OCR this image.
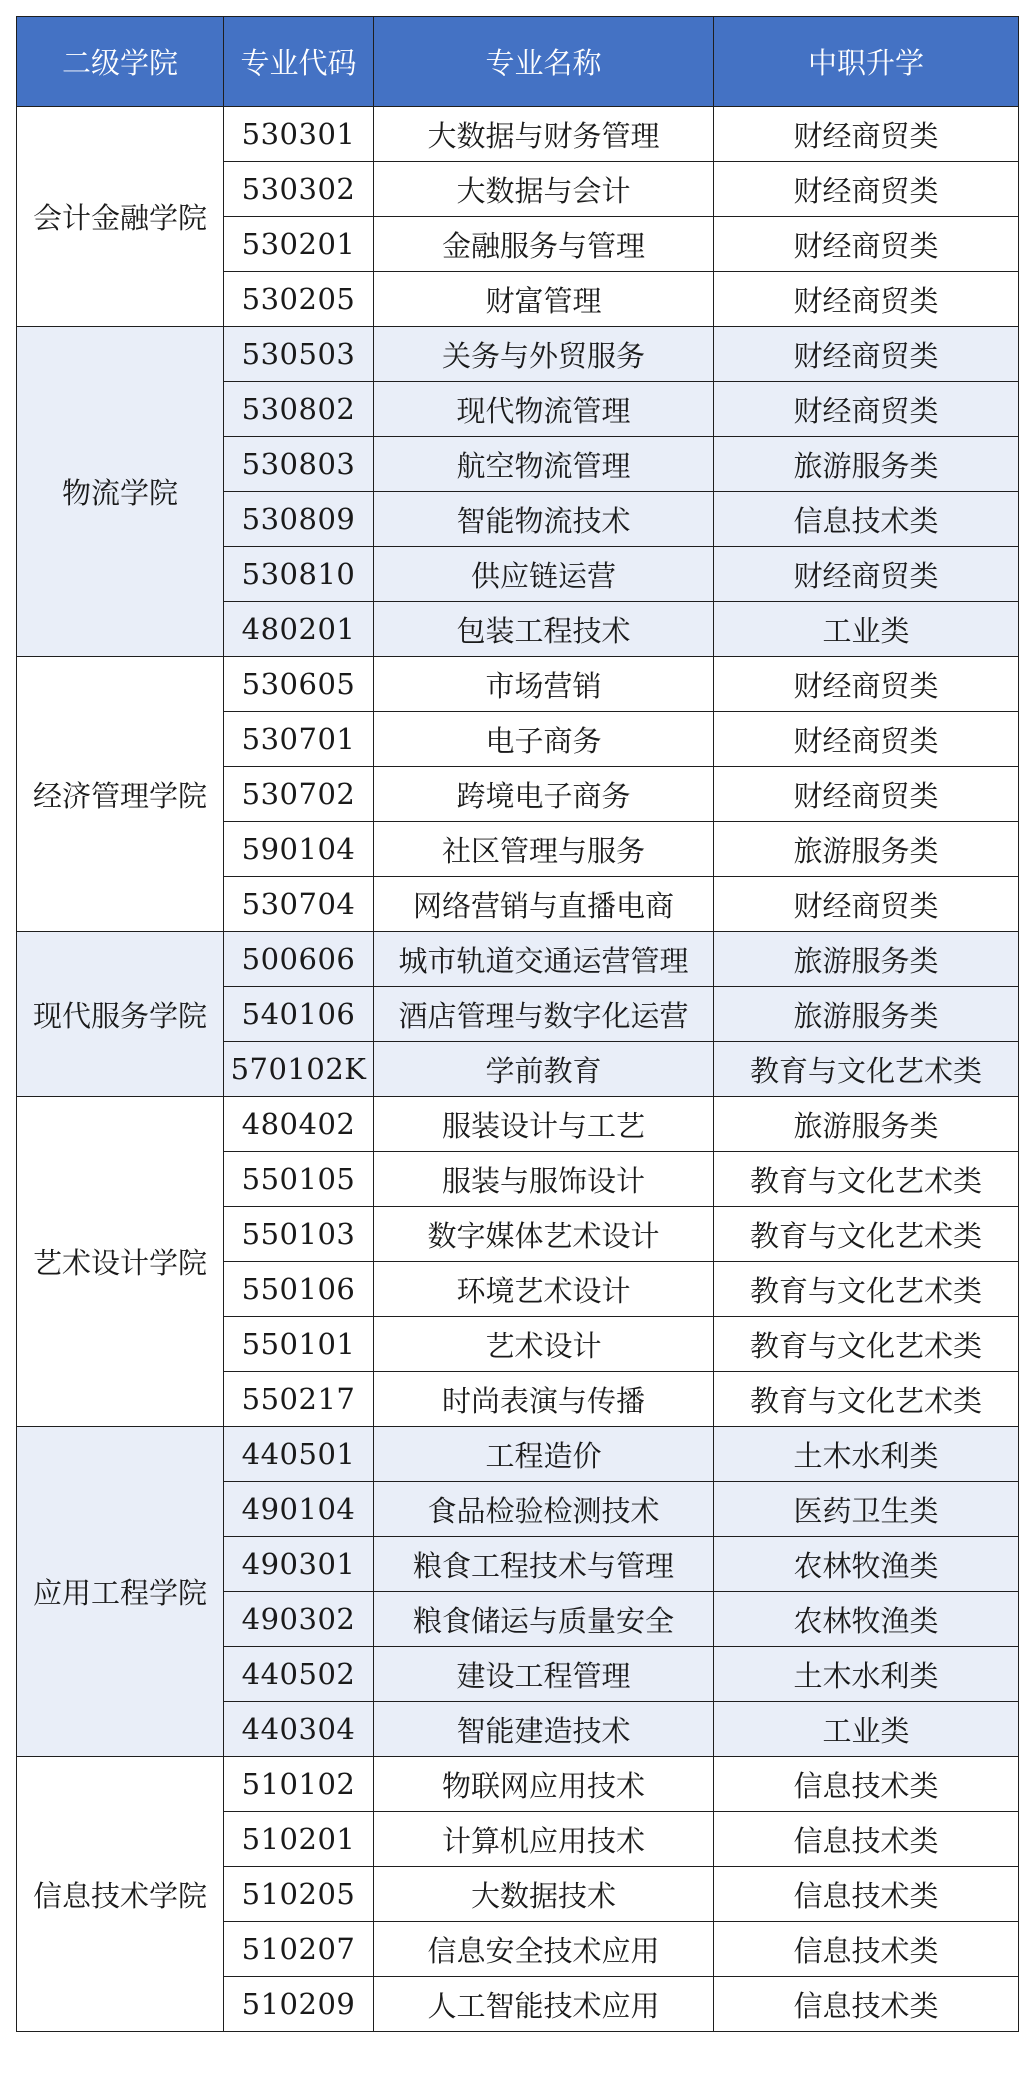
二级学院	专业代码	专业名称	中职升学
会计金融学院	530301	大数据与财务管理	财经商贸类
	530302	大数据与会计	财经商贸类
	530201	金融服务与管理	财经商贸类
	530205	财富管理	财经商贸类
物流学院	530503	关务与外贸服务	财经商贸类
	530802	现代物流管理	财经商贸类
	530803	航空物流管理	旅游服务类
	530809	智能物流技术	信息技术类
	530810	供应链运营	财经商贸类
	480201	包装工程技术	工业类
经济管理学院	530605	市场营销	财经商贸类
	530701	电子商务	财经商贸类
	530702	跨境电子商务	财经商贸类
	590104	社区管理与服务	旅游服务类
	530704	网络营销与直播电商	财经商贸类
现代服务学院	500606	城市轨道交通运营管理	旅游服务类
	540106	酒店管理与数字化运营	旅游服务类
	570102K	学前教育	教育与文化艺术类
艺术设计学院	480402	服装设计与工艺	旅游服务类
	550105	服装与服饰设计	教育与文化艺术类
	550103	数字媒体艺术设计	教育与文化艺术类
	550106	环境艺术设计	教育与文化艺术类
	550101	艺术设计	教育与文化艺术类
	550217	时尚表演与传播	教育与文化艺术类
应用工程学院	440501	工程造价	土木水利类
	490104	食品检验检测技术	医药卫生类
	490301	粮食工程技术与管理	农林牧渔类
	490302	粮食储运与质量安全	农林牧渔类
	440502	建设工程管理	土木水利类
	440304	智能建造技术	工业类
信息技术学院	510102	物联网应用技术	信息技术类
	510201	计算机应用技术	信息技术类
	510205	大数据技术	信息技术类
	510207	信息安全技术应用	信息技术类
	510209	人工智能技术应用	信息技术类
